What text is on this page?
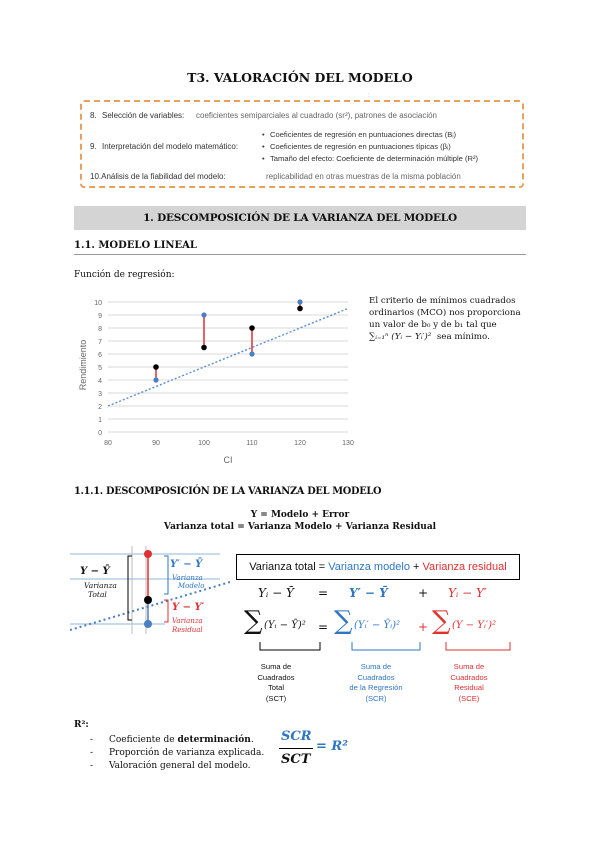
T3. VALORACIÓN DEL MODELO
:
8. Selección de variables: coeficientes semiparciales al cuadrado (sr²), patrones de asociación
9. Interpretación del modelo matemático:
• Coeficientes de regresión en puntuaciones directas (Bᵢ)
• Coeficientes de regresión en puntuaciones típicas (βᵢ)
• Tamaño del efecto: Coeficiente de determinación múltiple (R²)
10.Análisis de la fiabilidad del modelo:	replicabilidad en otras muestras de la misma población
1. DESCOMPOSICIÓN DE LA VARIANZA DEL MODELO
1.1. MODELO LINEAL
Función de regresión:
0
1
2
3
4
5
6
7
8
9
10
80	90	100	110	120	130
CI
Rendimiento
El criterio de mínimos cuadrados
ordinarios (MCO) nos proporciona
un valor de b₀ y de b₁ tal que
∑ᵢ₌₁ⁿ (Yᵢ − Yᵢ′)² sea mínimo.
1.1.1. DESCOMPOSICIÓN DE LA VARIANZA DEL MODELO
Y = Modelo + Error
Varianza total = Varianza Modelo + Varianza Residual
Y − Ȳ
Varianza
Total
Y′ − Ȳ
Varianza
Modelo
Y − Y′
Varianza
Residual
Varianza total = Varianza modelo + Varianza residual
Yᵢ − Ȳ = Y′ − Ȳ	+ Yᵢ − Y′
∑ (Yᵢ − Ȳ)² = ∑ (Yᵢ′ − Ȳᵢ)² + ∑ (Y − Yᵢ′)²
Suma de
Cuadrados
Total
(SCT)
Suma de
Cuadrados
de la Regresión
(SCR)
Suma de
Cuadrados
Residual
(SCE)
R²:
- Coeficiente de determinación.
- Proporción de varianza explicada.
- Valoración general del modelo.
SCR
SCT
= R²
